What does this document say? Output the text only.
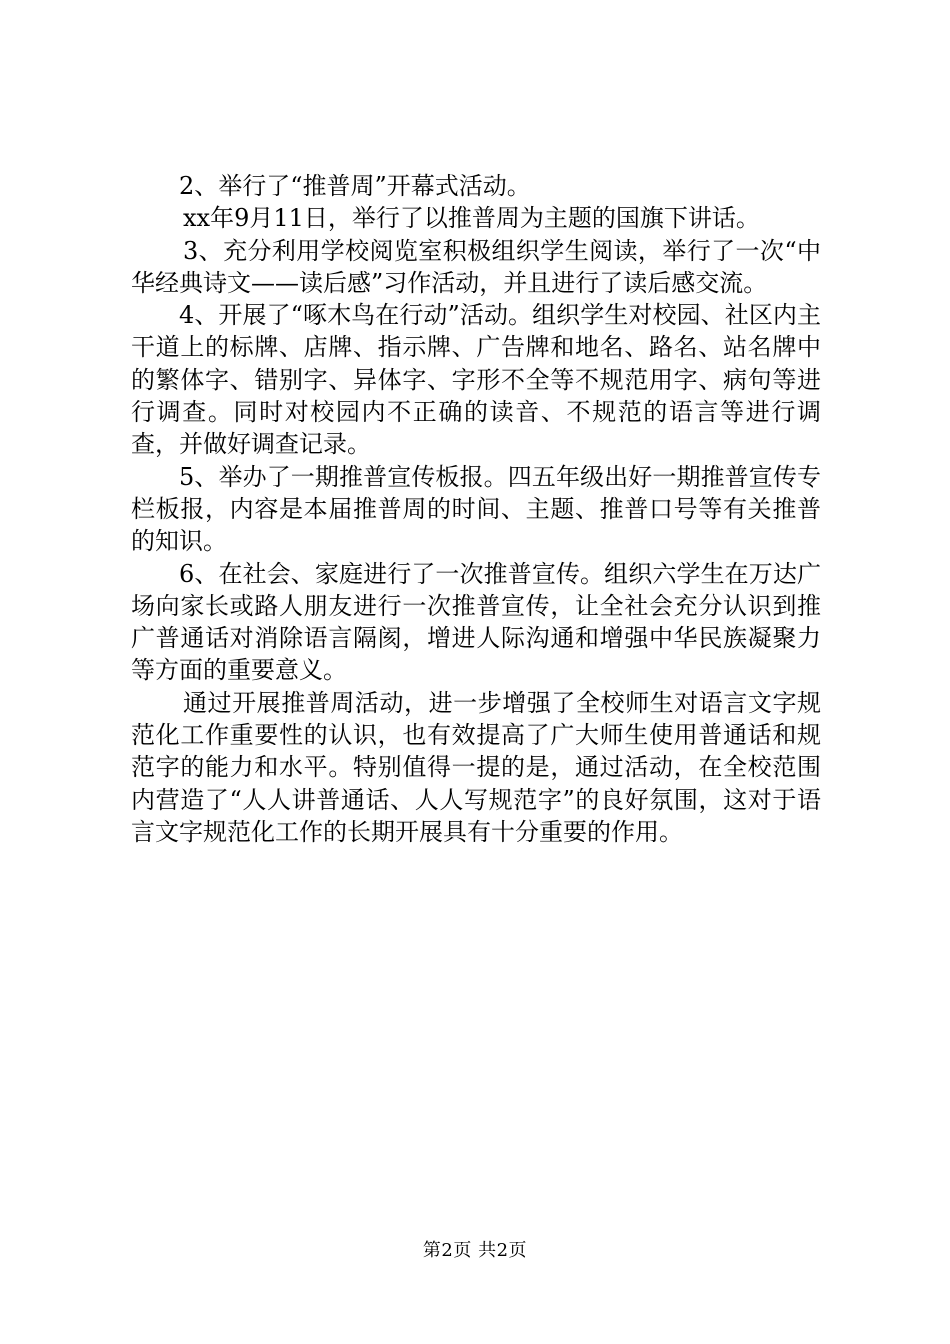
2、举行了“推普周”开幕式活动。

xx年9月11日，举行了以推普周为主题的国旗下讲话。

3、充分利用学校阅览室积极组织学生阅读，举行了一次“中华经典诗文——读后感”习作活动，并且进行了读后感交流。

4、开展了“啄木鸟在行动”活动。组织学生对校园、社区内主干道上的标牌、店牌、指示牌、广告牌和地名、路名、站名牌中的繁体字、错别字、异体字、字形不全等不规范用字、病句等进行调查。同时对校园内不正确的读音、不规范的语言等进行调查，并做好调查记录。

5、举办了一期推普宣传板报。四五年级出好一期推普宣传专栏板报，内容是本届推普周的时间、主题、推普口号等有关推普的知识。

6、在社会、家庭进行了一次推普宣传。组织六学生在万达广场向家长或路人朋友进行一次推普宣传，让全社会充分认识到推广普通话对消除语言隔阂，增进人际沟通和增强中华民族凝聚力等方面的重要意义。

通过开展推普周活动，进一步增强了全校师生对语言文字规范化工作重要性的认识，也有效提高了广大师生使用普通话和规范字的能力和水平。特别值得一提的是，通过活动，在全校范围内营造了“人人讲普通话、人人写规范字”的良好氛围，这对于语言文字规范化工作的长期开展具有十分重要的作用。

第2页 共2页
